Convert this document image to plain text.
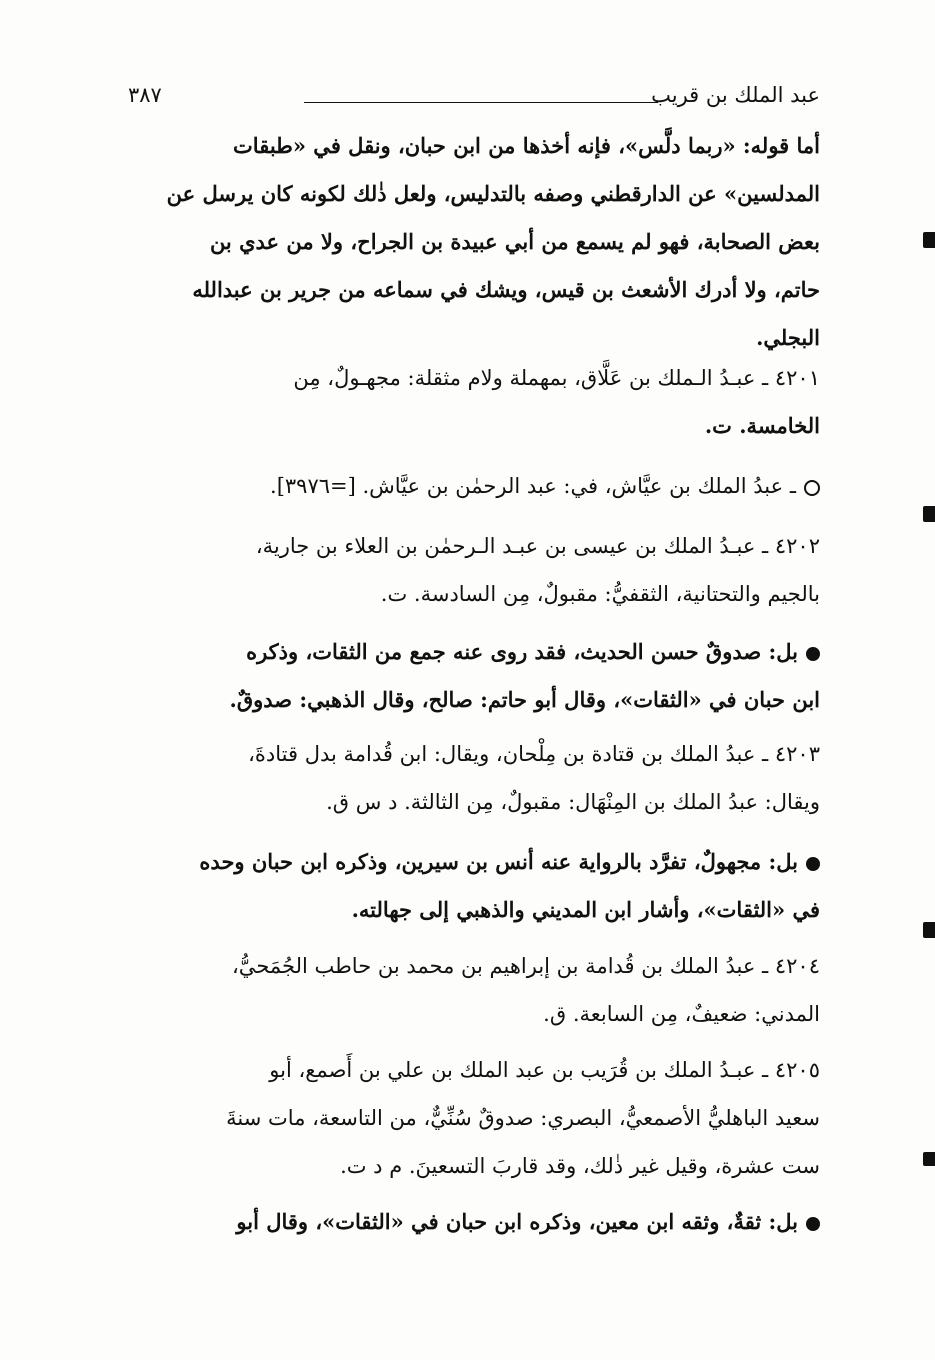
عبد الملك بن قريب
٣٨٧
أما قوله: «ربما دلَّس»، فإنه أخذها من ابن حبان، ونقل في «طبقات
المدلسين» عن الدارقطني وصفه بالتدليس، ولعل ذٰلك لكونه كان يرسل عن
بعض الصحابة، فهو لم يسمع من أبي عبيدة بن الجراح، ولا من عدي بن
حاتم، ولا أدرك الأشعث بن قيس، ويشك في سماعه من جرير بن عبدالله
البجلي.
٤٢٠١ ـ عبـدُ الـملك بن عَلَّاق، بمهملة ولام مثقلة: مجهـولٌ، مِن
الخامسة. ت.
ـ عبدُ الملك بن عيَّاش، في: عبد الرحمٰن بن عيَّاش. [=٣٩٧٦].
٤٢٠٢ ـ عبـدُ الملك بن عيسى بن عبـد الـرحمٰن بن العلاء بن جارية،
بالجيم والتحتانية، الثقفيُّ: مقبولٌ، مِن السادسة. ت.
بل: صدوقٌ حسن الحديث، فقد روى عنه جمع من الثقات، وذكره
ابن حبان في «الثقات»، وقال أبو حاتم: صالح، وقال الذهبي: صدوقٌ.
٤٢٠٣ ـ عبدُ الملك بن قتادة بن مِلْحان، ويقال: ابن قُدامة بدل قتادةَ،
ويقال: عبدُ الملك بن المِنْهَال: مقبولٌ، مِن الثالثة. د س ق.
بل: مجهولٌ، تفرَّد بالرواية عنه أنس بن سيرين، وذكره ابن حبان وحده
في «الثقات»، وأشار ابن المديني والذهبي إلى جهالته.
٤٢٠٤ ـ عبدُ الملك بن قُدامة بن إبراهيم بن محمد بن حاطب الجُمَحيُّ،
المدني: ضعيفٌ، مِن السابعة. ق.
٤٢٠٥ ـ عبـدُ الملك بن قُرَيب بن عبد الملك بن علي بن أَصمع، أبو
سعيد الباهليُّ الأصمعيُّ، البصري: صدوقٌ سُنِّيٌّ، من التاسعة، مات سنةَ
ست عشرة، وقيل غير ذٰلك، وقد قاربَ التسعينَ. م د ت.
بل: ثقةٌ، وثقه ابن معين، وذكره ابن حبان في «الثقات»، وقال أبو
